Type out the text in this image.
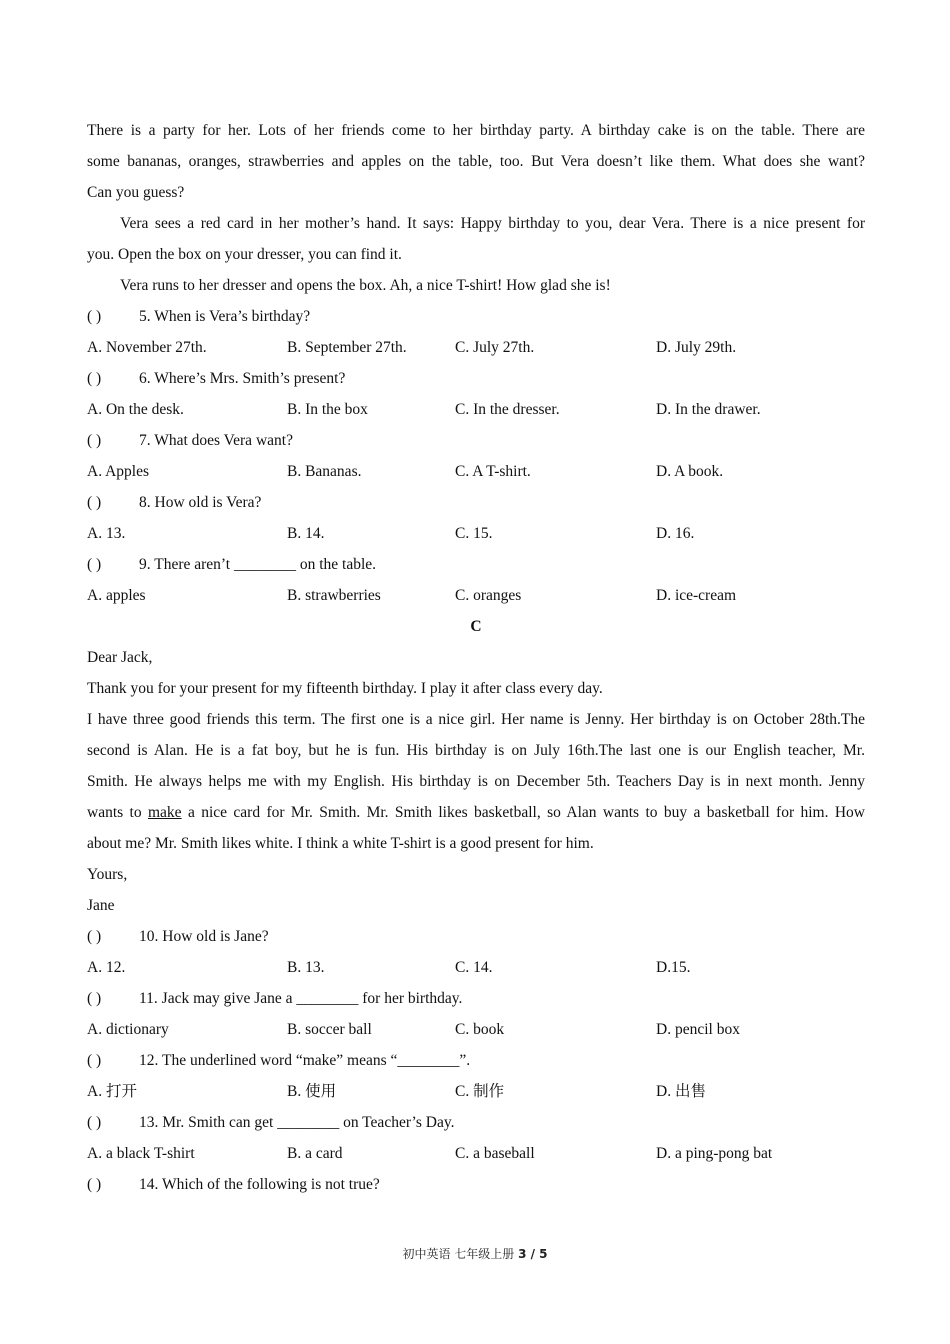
There is a party for her. Lots of her friends come to her birthday party. A birthday cake is on the table. There are
some bananas, oranges, strawberries and apples on the table, too. But Vera doesn’t like them. What does she want?
Can you guess?
Vera sees a red card in her mother’s hand. It says: Happy birthday to you, dear Vera. There is a nice present for
you. Open the box on your dresser, you can find it.
Vera runs to her dresser and opens the box. Ah, a nice T-shirt! How glad she is!
( ) 5. When is Vera’s birthday?
A. November 27th.	B. September 27th.	C. July 27th.	D. July 29th.
( ) 6. Where’s Mrs. Smith’s present?
A. On the desk.	B. In the box	C. In the dresser.	D. In the drawer.
( ) 7. What does Vera want?
A. Apples	B. Bananas.	C. A T-shirt.	D. A book.
( ) 8. How old is Vera?
A. 13.	B. 14.	C. 15.	D. 16.
( ) 9. There aren’t ________ on the table.
A. apples	B. strawberries	C. oranges	D. ice-cream
C
Dear Jack,
Thank you for your present for my fifteenth birthday. I play it after class every day.
I have three good friends this term. The first one is a nice girl. Her name is Jenny. Her birthday is on October 28th.The
second is Alan. He is a fat boy, but he is fun. His birthday is on July 16th.The last one is our English teacher, Mr.
Smith. He always helps me with my English. His birthday is on December 5th. Teachers Day is in next month. Jenny
wants to make a nice card for Mr. Smith. Mr. Smith likes basketball, so Alan wants to buy a basketball for him. How
about me? Mr. Smith likes white. I think a white T-shirt is a good present for him.
Yours,
Jane
( ) 10. How old is Jane?
A. 12.	B. 13.	C. 14.	D.15.
( ) 11. Jack may give Jane a ________ for her birthday.
A. dictionary	B. soccer ball	C. book	D. pencil box
( ) 12. The underlined word “make” means “________”.
A. 打开	B. 使用	C. 制作	D. 出售
( ) 13. Mr. Smith can get ________ on Teacher’s Day.
A. a black T-shirt	B. a card	C. a baseball	D. a ping-pong bat
( ) 14. Which of the following is not true?
初中英语 七年级上册 3 / 5
